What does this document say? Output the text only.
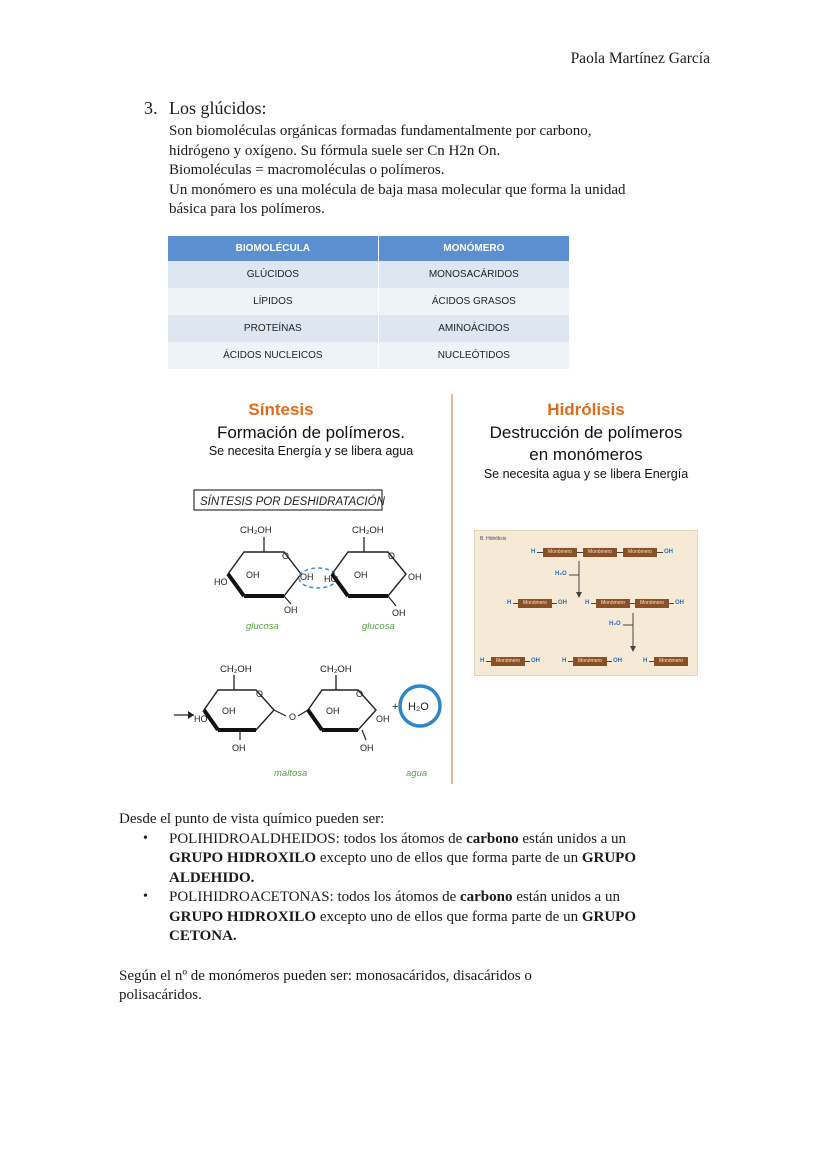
Paola Martínez García
3. Los glúcidos:

Son biomoléculas orgánicas formadas fundamentalmente por carbono,

hidrógeno y oxígeno. Su fórmula suele ser Cn H2n On.

Biomoléculas = macromoléculas o polímeros.

Un monómero es una molécula de baja masa molecular que forma la unidad

básica para los polímeros.

BIOMOLÉCULA	MONÓMERO
GLÚCIDOS	MONOSACÁRIDOS
LÍPIDOS	ÁCIDOS GRASOS
PROTEÍNAS	AMINOÁCIDOS
ÁCIDOS NUCLEICOS	NUCLEÓTIDOS
Síntesis
Formación de polímeros.
Se necesita Energía y se libera agua
Hidrólisis
Destrucción de polímeros
en monómeros
Se necesita agua y se libera Energía
SÍNTESIS POR DESHIDRATACIÓN
CH₂OH
O
OH
HO
OH
OH
glucosa
CH₂OH
O
OH
HO
OH
OH
glucosa
CH₂OH
O
OH
HO
OH
O
CH₂OH
O
OH
OH
OH
maltosa
+ H₂O
agua
B. Hidrólisis
H	Monómero	Monómero	Monómero	OH
H₂O
H	Monómero	OH	H	Monómero	Monómero	OH
H₂O
H	Monómero	OH	H	Monómero	OH	H	Monómero

Desde el punto de vista químico pueden ser:

• POLIHIDROALDHEIDOS: todos los átomos de carbono están unidos a un
GRUPO HIDROXILO excepto uno de ellos que forma parte de un GRUPO
ALDEHIDO.
• POLIHIDROACETONAS: todos los átomos de carbono están unidos a un
GRUPO HIDROXILO excepto uno de ellos que forma parte de un GRUPO
CETONA.

Según el nº de monómeros pueden ser: monosacáridos, disacáridos o

polisacáridos.
